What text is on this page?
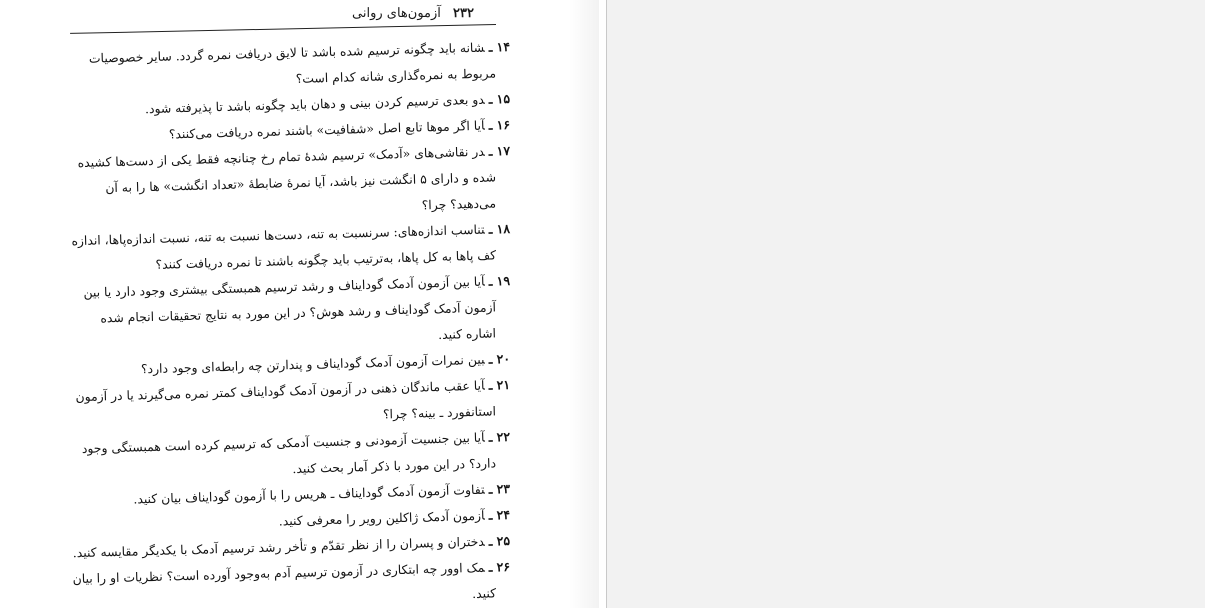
۲۳۲ آزمون‌های روانی
۱۴ ـشانه باید چگونه ترسیم شده باشد تا لایق دریافت نمره گردد. سایر خصوصیات
مربوط به نمره‌گذاری شانه کدام است؟
۱۵ ـدو بعدی ترسیم کردن بینی و دهان باید چگونه باشد تا پذیرفته شود.
۱۶ ـآیا اگر موها تابع اصل «شفافیت» باشند نمره دریافت می‌کنند؟
۱۷ ـدر نقاشی‌های «آدمک» ترسیم شدهٔ تمام رخ چنانچه فقط یکی از دست‌ها کشیده
شده و دارای ۵ انگشت نیز باشد، آیا نمرهٔ ضابطهٔ «تعداد انگشت» ها را به آن
می‌دهید؟ چرا؟
۱۸ ـتناسب اندازه‌های: سرنسبت به تنه، دست‌ها نسبت به تنه، نسبت اندازه‌پاها، اندازه
کف پاها به کل پاها، به‌ترتیب باید چگونه باشند تا نمره دریافت کنند؟
۱۹ ـآیا بین آزمون آدمک گودایناف و رشد ترسیم همبستگی بیشتری وجود دارد یا بین
آزمون آدمک گودایناف و رشد هوش؟ در این مورد به نتایج تحقیقات انجام شده
اشاره کنید.
۲۰ ـبین نمرات آزمون آدمک گودایناف و پندارتن چه رابطه‌ای وجود دارد؟
۲۱ ـآیا عقب ماندگان ذهنی در آزمون آدمک گودایناف کمتر نمره می‌گیرند یا در آزمون
استانفورد ـ بینه؟ چرا؟
۲۲ ـآیا بین جنسیت آزمودنی و جنسیت آدمکی که ترسیم کرده است همبستگی وجود
دارد؟ در این مورد با ذکر آمار بحث کنید.
۲۳ ـتفاوت آزمون آدمک گودایناف ـ هریس را با آزمون گودایناف بیان کنید.
۲۴ ـآزمون آدمک ژاکلین رویر را معرفی کنید.
۲۵ ـدختران و پسران را از نظر تقدّم و تأخر رشد ترسیم آدمک با یکدیگر مقایسه کنید.
۲۶ ـمک اوور چه ابتکاری در آزمون ترسیم آدم به‌وجود آورده است؟ نظریات او را بیان
کنید.
